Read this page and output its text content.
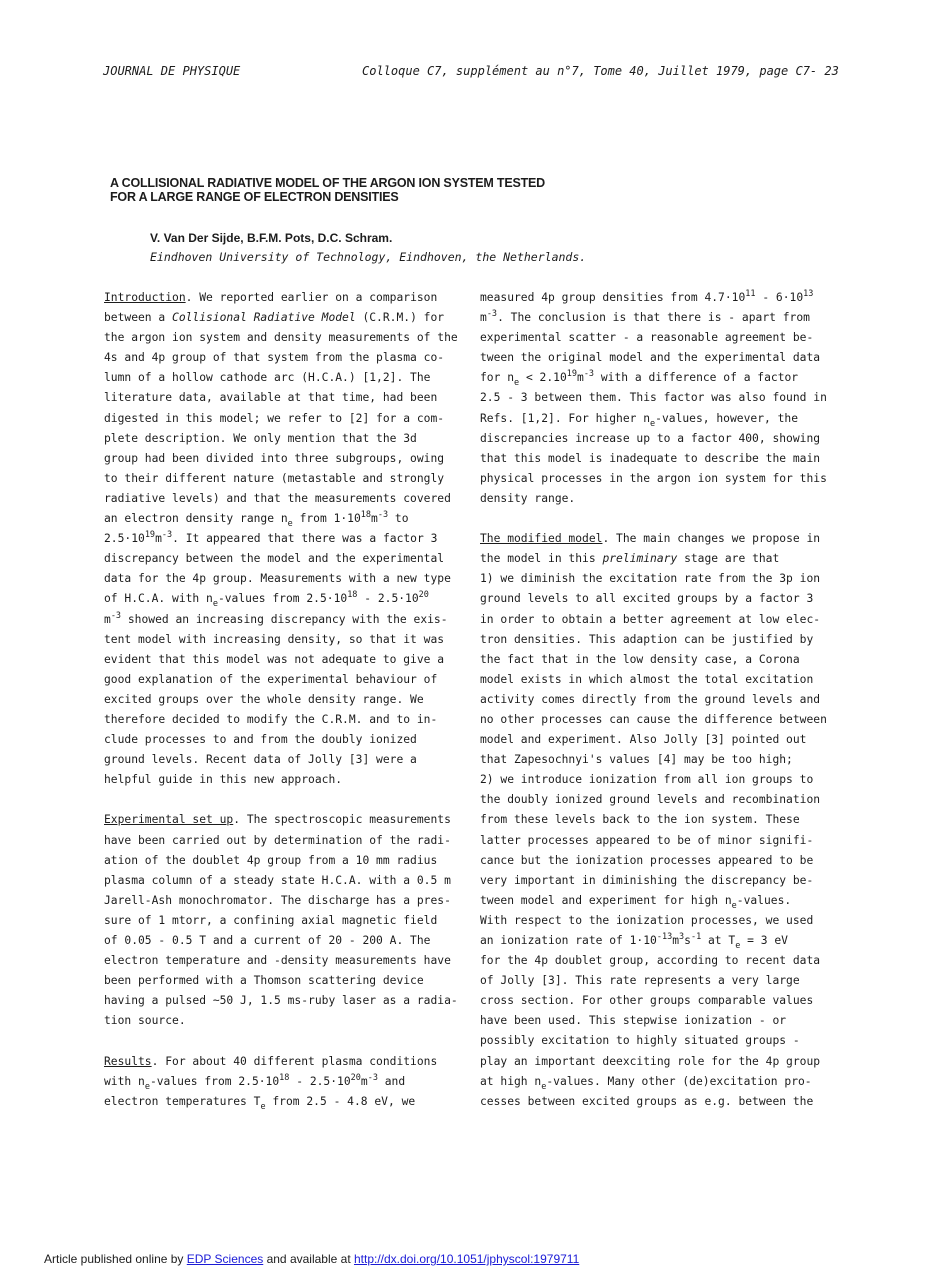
JOURNAL DE PHYSIQUE	Colloque C7, supplément au n°7, Tome 40, Juillet 1979, page C7- 23
A COLLISIONAL RADIATIVE MODEL OF THE ARGON ION SYSTEM TESTED
FOR A LARGE RANGE OF ELECTRON DENSITIES
V. Van Der Sijde, B.F.M. Pots, D.C. Schram.
Eindhoven University of Technology, Eindhoven, the Netherlands.
Introduction. We reported earlier on a comparison
between a Collisional Radiative Model (C.R.M.) for
the argon ion system and density measurements of the
4s and 4p group of that system from the plasma co-
lumn of a hollow cathode arc (H.C.A.) [1,2]. The
literature data, available at that time, had been
digested in this model; we refer to [2] for a com-
plete description. We only mention that the 3d
group had been divided into three subgroups, owing
to their different nature (metastable and strongly
radiative levels) and that the measurements covered
an electron density range $n_e$ from $1\cdot 10^{18}m^{-3}$ to
$2.5\cdot 10^{19}m^{-3}$. It appeared that there was a factor 3
discrepancy between the model and the experimental
data for the 4p group. Measurements with a new type
of H.C.A. with $n_e$-values from $2.5\cdot 10^{18} - 2.5\cdot 10^{20}$
$m^{-3}$ showed an increasing discrepancy with the exis-
tent model with increasing density, so that it was
evident that this model was not adequate to give a
good explanation of the experimental behaviour of
excited groups over the whole density range. We
therefore decided to modify the C.R.M. and to in-
clude processes to and from the doubly ionized
ground levels. Recent data of Jolly [3] were a
helpful guide in this new approach.
Experimental set up. The spectroscopic measurements
have been carried out by determination of the radi-
ation of the doublet 4p group from a 10 mm radius
plasma column of a steady state H.C.A. with a 0.5 m
Jarell-Ash monochromator. The discharge has a pres-
sure of 1 mtorr, a confining axial magnetic field
of 0.05 - 0.5 T and a current of 20 - 200 A. The
electron temperature and -density measurements have
been performed with a Thomson scattering device
having a pulsed ~50 J, 1.5 ms-ruby laser as a radia-
tion source.
Results. For about 40 different plasma conditions
with $n_e$-values from $2.5\cdot 10^{18} - 2.5\cdot 10^{20}m^{-3}$ and
electron temperatures $T_e$ from 2.5 - 4.8 eV, we
measured 4p group densities from $4.7\cdot 10^{11} - 6\cdot 10^{13}$
$m^{-3}$. The conclusion is that there is - apart from
experimental scatter - a reasonable agreement be-
tween the original model and the experimental data
for $n_e < 2.10^{19}m^{-3}$ with a difference of a factor
2.5 - 3 between them. This factor was also found in
Refs. [1,2]. For higher $n_e$-values, however, the
discrepancies increase up to a factor 400, showing
that this model is inadequate to describe the main
physical processes in the argon ion system for this
density range.
The modified model. The main changes we propose in
the model in this preliminary stage are that
1) we diminish the excitation rate from the 3p ion
ground levels to all excited groups by a factor 3
in order to obtain a better agreement at low elec-
tron densities. This adaption can be justified by
the fact that in the low density case, a Corona
model exists in which almost the total excitation
activity comes directly from the ground levels and
no other processes can cause the difference between
model and experiment. Also Jolly [3] pointed out
that Zapesochnyi's values [4] may be too high;
2) we introduce ionization from all ion groups to
the doubly ionized ground levels and recombination
from these levels back to the ion system. These
latter processes appeared to be of minor signifi-
cance but the ionization processes appeared to be
very important in diminishing the discrepancy be-
tween model and experiment for high $n_e$-values.
With respect to the ionization processes, we used
an ionization rate of $1\cdot 10^{-13}m^3s^{-1}$ at $T_e = 3$ eV
for the 4p doublet group, according to recent data
of Jolly [3]. This rate represents a very large
cross section. For other groups comparable values
have been used. This stepwise ionization - or
possibly excitation to highly situated groups -
play an important deexciting role for the 4p group
at high $n_e$-values. Many other (de)excitation pro-
cesses between excited groups as e.g. between the
Article published online by EDP Sciences and available at http://dx.doi.org/10.1051/jphyscol:1979711
